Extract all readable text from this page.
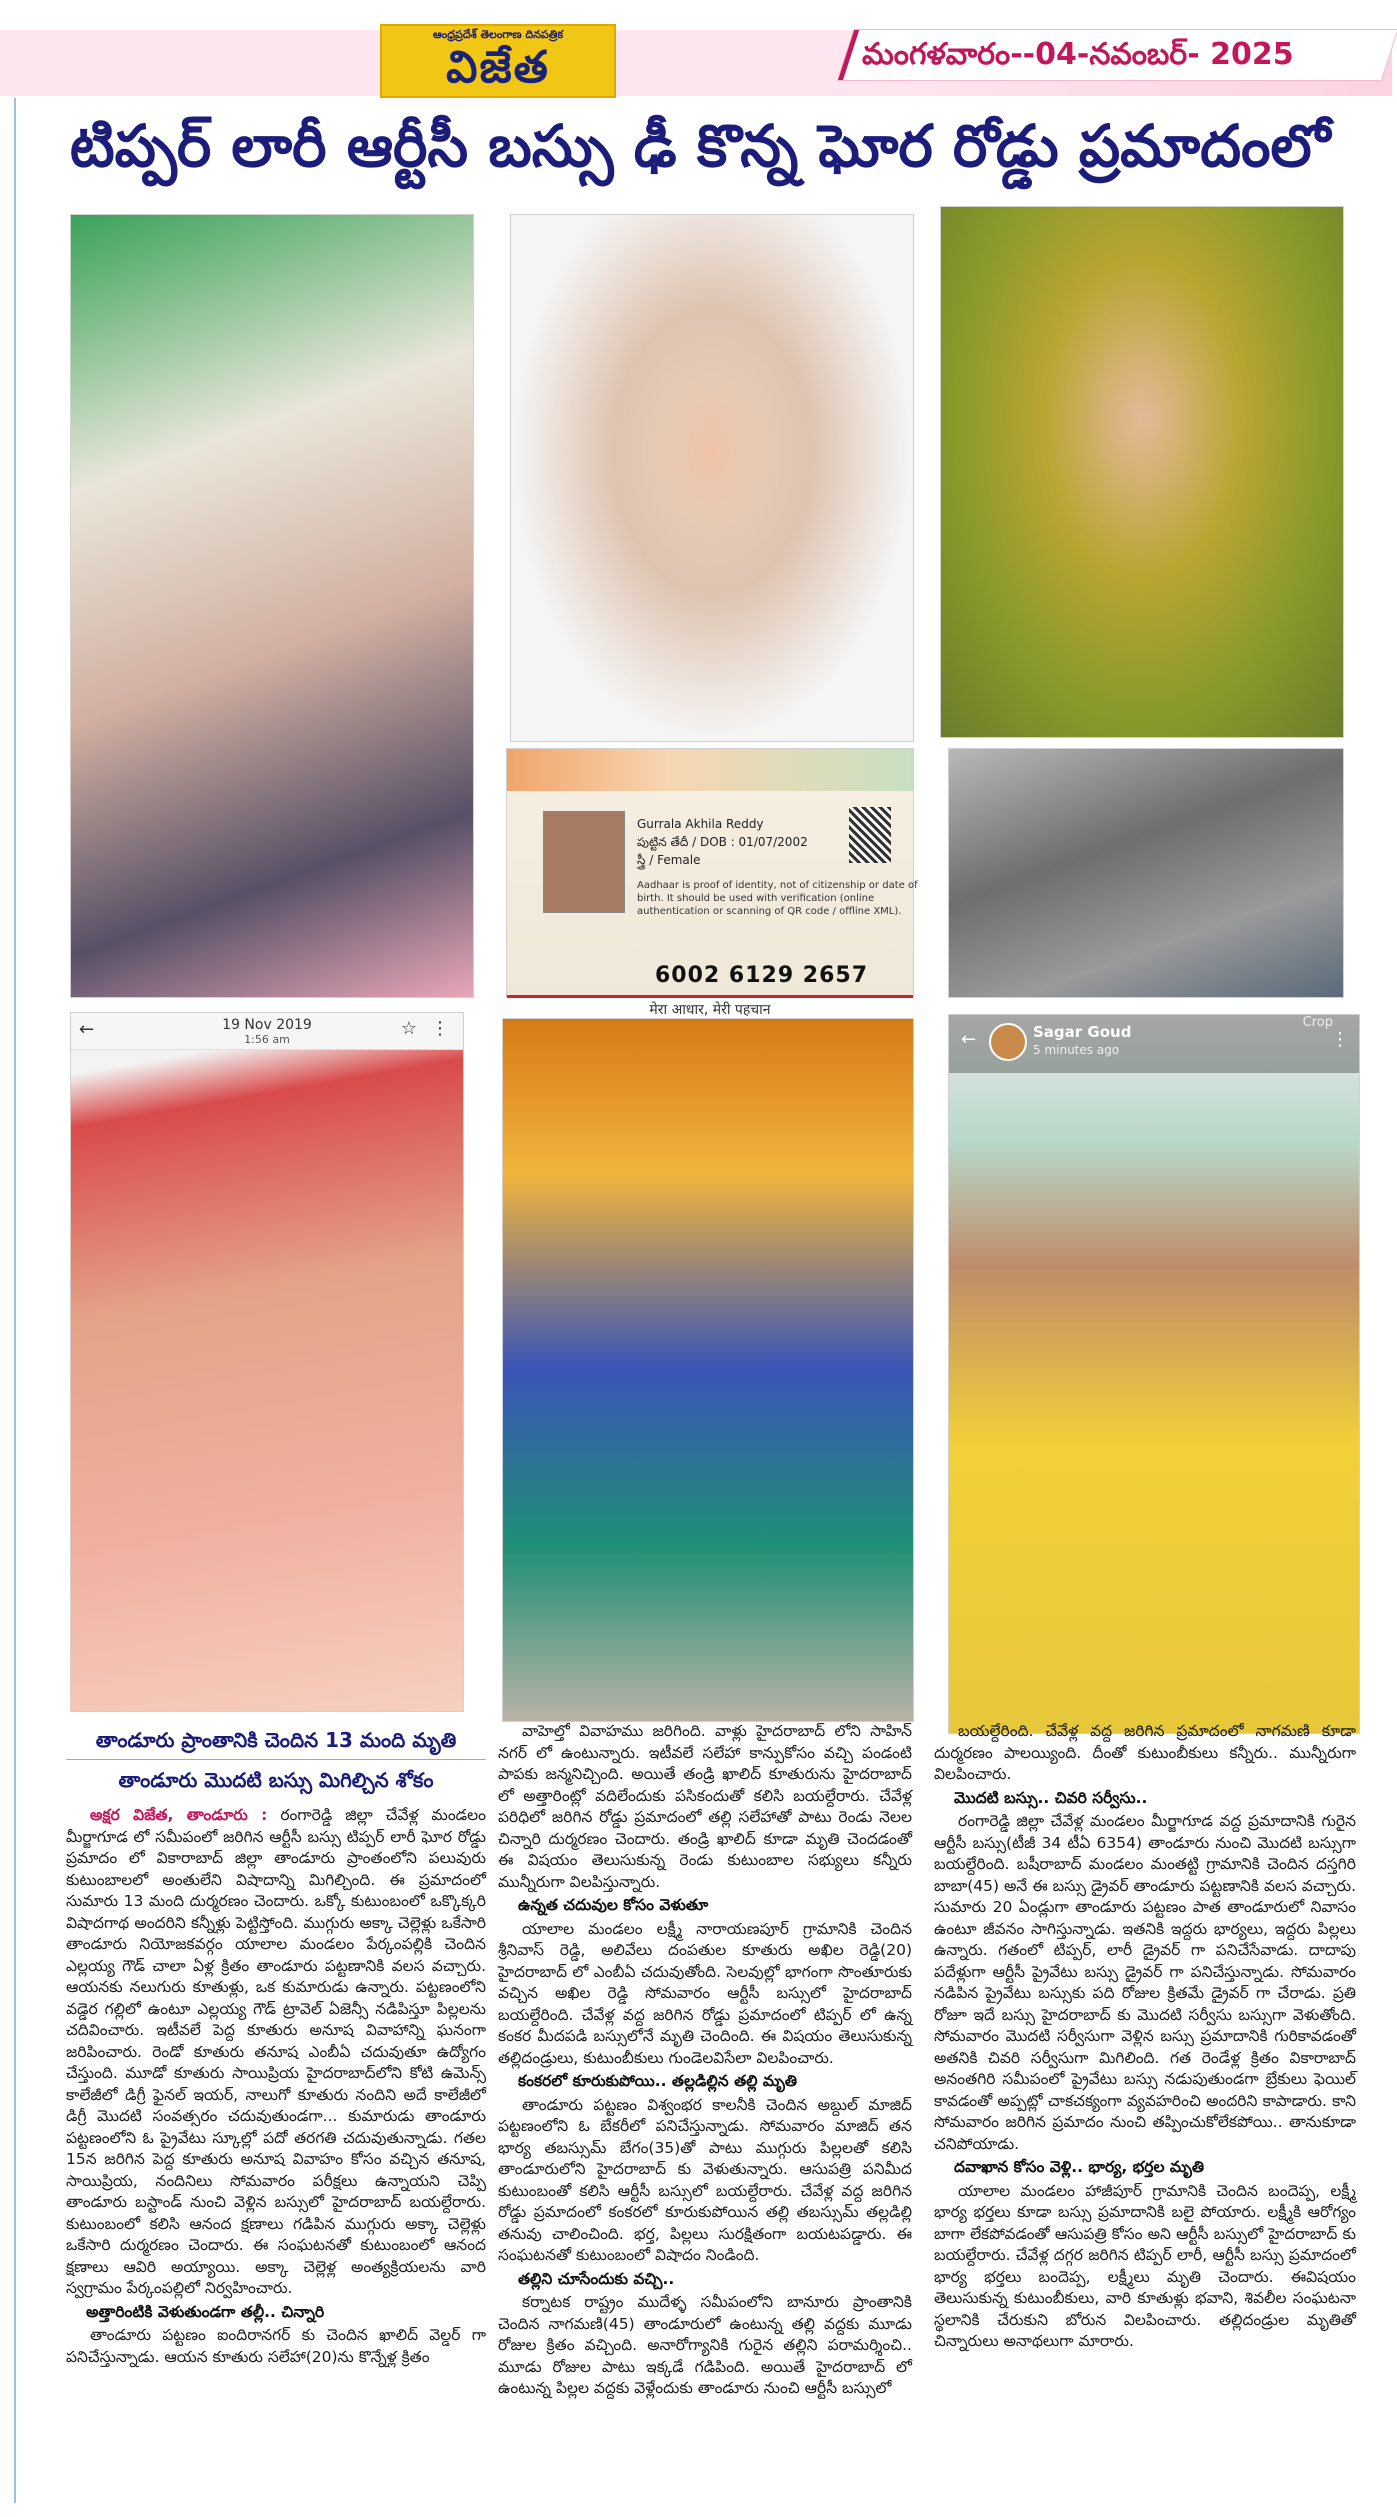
ఆంధ్రప్రదేశ్ తెలంగాణ దినపత్రిక
విజేత	మంగళవారం--04-నవంబర్- 2025
టిప్పర్ లారీ ఆర్టీసీ బస్సు ఢీ కొన్న ఘోర రోడ్డు ప్రమాదంలో
Gurrala Akhila Reddy
పుట్టిన తేదీ / DOB : 01/07/2002
స్త్రీ / Female
Aadhaar is proof of identity, not of citizenship or date of birth. It should be used with verification (online authentication or scanning of QR code / offline XML).
6002 6129 2657
मेरा आधार, मेरी पहचान
←	19 Nov 2019
1:56 am
☆ ⋮
←	Sagar Goud
5 minutes ago
Crop
⋮
తాండూరు ప్రాంతానికి చెందిన 13 మంది మృతి
తాండూరు మొదటి బస్సు మిగిల్చిన శోకం

అక్షర విజేత, తాండూరు : రంగారెడ్డి జిల్లా చేవేళ్ల మండలం మీర్జాగూడ లో సమీపంలో జరిగిన ఆర్టీసీ బస్సు టిప్పర్ లారీ ఘోర రోడ్డు ప్రమాదం లో వికారాబాద్ జిల్లా తాండూరు ప్రాంతంలోని పలువురు కుటుంబాలలో అంతులేని విషాదాన్ని మిగిల్చింది. ఈ ప్రమాదంలో సుమారు 13 మంది దుర్మరణం చెందారు. ఒక్కో కుటుంబంలో ఒక్కొక్కరి విషాదగాథ అందరిని కన్నీళ్లు పెట్టిస్తోంది. ముగ్గురు అక్కా చెల్లెళ్లు ఒకేసారి తాండూరు నియోజకవర్గం యాలాల మండలం పేర్కంపల్లికి చెందిన ఎల్లయ్య గౌడ్ చాలా ఏళ్ల క్రితం తాండూరు పట్టణానికి వలస వచ్చారు. ఆయనకు నలుగురు కూతుళ్లు, ఒక కుమారుడు ఉన్నారు. పట్టణంలోని వడ్డెర గల్లిలో ఉంటూ ఎల్లయ్య గౌడ్ ట్రావెల్ ఏజెన్సీ నడిపిస్తూ పిల్లలను చదివించారు. ఇటీవలే పెద్ద కూతురు అనూష వివాహాన్ని ఘనంగా జరిపించారు. రెండో కూతురు తనూష ఎంబీఏ చదువుతూ ఉద్యోగం చేస్తుంది. మూడో కూతురు సాయిప్రియ హైదరాబాద్‌లోని కోటి ఉమెన్స్ కాలేజీలో డిగ్రీ ఫైనల్ ఇయర్, నాలుగో కూతురు నందిని అదే కాలేజీలో డిగ్రీ మొదటి సంవత్సరం చదువుతుండగా... కుమారుడు తాండూరు పట్టణంలోని ఓ ప్రైవేటు స్కూల్లో పదో తరగతి చదువుతున్నాడు. గతల 15న జరిగిన పెద్ద కూతురు అనూష వివాహం కోసం వచ్చిన తనూష, సాయిప్రియ, నందినిలు సోమవారం పరీక్షలు ఉన్నాయని చెప్పి తాండూరు బస్టాండ్ నుంచి వెళ్లిన బస్సులో హైదరాబాద్ బయల్దేరారు. కుటుంబంలో కలిసి ఆనంద క్షణాలు గడిపిన ముగ్గురు అక్కా చెల్లెళ్లు ఒకేసారి దుర్మరణం చెందారు. ఈ సంఘటనతో కుటుంబంలో ఆనంద క్షణాలు ఆవిరి అయ్యాయి. అక్కా చెల్లెళ్ల అంత్యక్రియలను వారి స్వగ్రామం పేర్కంపల్లిలో నిర్వహించారు.

అత్తారింటికి వెళుతుండగా తల్లీ.. చిన్నారి

తాండూరు పట్టణం ఐందిరానగర్ కు చెందిన ఖాలిద్ వెల్డర్ గా పనిచేస్తున్నాడు. ఆయన కూతురు సలేహా(20)ను కొన్నేళ్ల క్రితం

వాహెల్తో వివాహము జరిగింది. వాళ్లు హైదరాబాద్ లోని సాహిన్ నగర్ లో ఉంటున్నారు. ఇటీవలే సలేహా కాన్పుకోసం వచ్చి పండంటి పాపకు జన్మనిచ్చింది. అయితే తండ్రి ఖాలిద్ కూతురును హైదరాబాద్ లో అత్తారింట్లో వదిలేందుకు పసికందుతో కలిసి బయల్దేరారు. చేవేళ్ల పరిధిలో జరిగిన రోడ్డు ప్రమాదంలో తల్లి సలేహాతో పాటు రెండు నెలల చిన్నారి దుర్మరణం చెందారు. తండ్రి ఖాలిద్ కూడా మృతి చెందడంతో ఈ విషయం తెలుసుకున్న రెండు కుటుంబాల సభ్యులు కన్నీరు మున్నీరుగా విలపిస్తున్నారు.

ఉన్నత చదువుల కోసం వెళుతూ

యాలాల మండలం లక్ష్మీ నారాయణపూర్ గ్రామానికి చెందిన శ్రీనివాస్ రెడ్డి, అలివేలు దంపతుల కూతురు అఖిల రెడ్డి(20) హైదరాబాద్ లో ఎంబీఏ చదువుతోంది. సెలవుల్లో భాగంగా సొంతూరుకు వచ్చిన అఖిల రెడ్డి సోమవారం ఆర్టీసీ బస్సులో హైదరాబాద్ బయల్దేరింది. చేవేళ్ల వద్ద జరిగిన రోడ్డు ప్రమాదంలో టిప్పర్ లో ఉన్న కంకర మీదపడి బస్సులోనే మృతి చెందింది. ఈ విషయం తెలుసుకున్న తల్లిదండ్రులు, కుటుంబీకులు గుండెలవిసేలా విలపించారు.

కంకరలో కూరుకుపోయి.. తల్లడిల్లిన తల్లి మృతి

తాండూరు పట్టణం విశ్వంభర కాలనీకి చెందిన అబ్దుల్ మాజిద్ పట్టణంలోని ఓ బేకరీలో పనిచేస్తున్నాడు. సోమవారం మాజిద్ తన భార్య తబస్సుమ్ బేగం(35)తో పాటు ముగ్గురు పిల్లలతో కలిసి తాండూరులోని హైదరాబాద్ కు వెళుతున్నారు. ఆసుపత్రి పనిమీద కుటుంబంతో కలిసి ఆర్టీసీ బస్సులో బయల్దేరారు. చేవేళ్ల వద్ద జరిగిన రోడ్డు ప్రమాదంలో కంకరలో కూరుకుపోయిన తల్లి తబస్సుమ్ తల్లడిల్లి తనువు చాలించింది. భర్త, పిల్లలు సురక్షితంగా బయటపడ్డారు. ఈ సంఘటనతో కుటుంబంలో విషాదం నిండింది.

తల్లిని చూసేందుకు వచ్చి..

కర్నాటక రాష్ట్రం ముదేళ్ళ సమీపంలోని బానూరు ప్రాంతానికి చెందిన నాగమణి(45) తాండూరులో ఉంటున్న తల్లి వద్దకు మూడు రోజుల క్రితం వచ్చింది. అనారోగ్యానికి గురైన తల్లిని పరామర్శించి.. మూడు రోజుల పాటు ఇక్కడే గడిపింది. అయితే హైదరాబాద్ లో ఉంటున్న పిల్లల వద్దకు వెళ్లేందుకు తాండూరు నుంచి ఆర్టీసీ బస్సులో

బయల్దేరింది. చేవేళ్ల వద్ద జరిగిన ప్రమాదంలో నాగమణి కూడా దుర్మరణం పాలయ్యింది. దీంతో కుటుంబీకులు కన్నీరు.. మున్నీరుగా విలపించారు.

మొదటి బస్సు.. చివరి సర్వీసు..

రంగారెడ్డి జిల్లా చేవేళ్ల మండలం మీర్జాగూడ వద్ద ప్రమాదానికి గురైన ఆర్టీసీ బస్సు(టీజీ 34 టీఏ 6354) తాండూరు నుంచి మొదటి బస్సుగా బయల్దేరింది. బషీరాబాద్ మండలం మంతట్టి గ్రామానికి చెందిన దస్తగిరి బాబా(45) అనే ఈ బస్సు డ్రైవర్ తాండూరు పట్టణానికి వలస వచ్చారు. సుమారు 20 ఏండ్లుగా తాండూరు పట్టణం పాత తాండూరులో నివాసం ఉంటూ జీవనం సాగిస్తున్నాడు. ఇతనికి ఇద్దరు భార్యలు, ఇద్దరు పిల్లలు ఉన్నారు. గతంలో టిప్పర్, లారీ డ్రైవర్ గా పనిచేసేవాడు. దాదాపు పదేళ్లుగా ఆర్టీసీ ప్రైవేటు బస్సు డ్రైవర్ గా పనిచేస్తున్నాడు. సోమవారం నడిపిన ప్రైవేటు బస్సుకు పది రోజుల క్రితమే డ్రైవర్ గా చేరాడు. ప్రతి రోజూ ఇదే బస్సు హైదరాబాద్ కు మొదటి సర్వీసు బస్సుగా వెళుతోంది. సోమవారం మొదటి సర్వీసుగా వెళ్లిన బస్సు ప్రమాదానికి గురికావడంతో అతనికి చివరి సర్వీసుగా మిగిలింది. గత రెండేళ్ల క్రితం వికారాబాద్ అనంతగిరి సమీపంలో ప్రైవేటు బస్సు నడుపుతుండగా బ్రేకులు ఫెయిల్ కావడంతో అప్పట్లో చాకచక్యంగా వ్యవహరించి అందరిని కాపాడారు. కాని సోమవారం జరిగిన ప్రమాదం నుంచి తప్పించుకోలేకపోయి.. తానుకూడా చనిపోయాడు.

దవాఖాన కోసం వెళ్లి.. భార్య, భర్తల మృతి

యాలాల మండలం హాజీపూర్ గ్రామానికి చెందిన బందెప్ప, లక్ష్మీ భార్య భర్తలు కూడా బస్సు ప్రమాదానికి బలై పోయారు. లక్ష్మీకి ఆరోగ్యం బాగా లేకపోవడంతో ఆసుపత్రి కోసం అని ఆర్టీసీ బస్సులో హైదరాబాద్ కు బయల్దేరారు. చేవేళ్ల దగ్గర జరిగిన టిప్పర్ లారీ, ఆర్టీసీ బస్సు ప్రమాదంలో భార్య భర్తలు బందెప్ప, లక్ష్మీలు మృతి చెందారు. ఈవిషయం తెలుసుకున్న కుటుంబీకులు, వారి కూతుళ్లు భవాని, శివలీల సంఘటనా స్థలానికి చేరుకుని బోరున విలపించారు. తల్లిదండ్రుల మృతితో చిన్నారులు అనాథలుగా మారారు.
